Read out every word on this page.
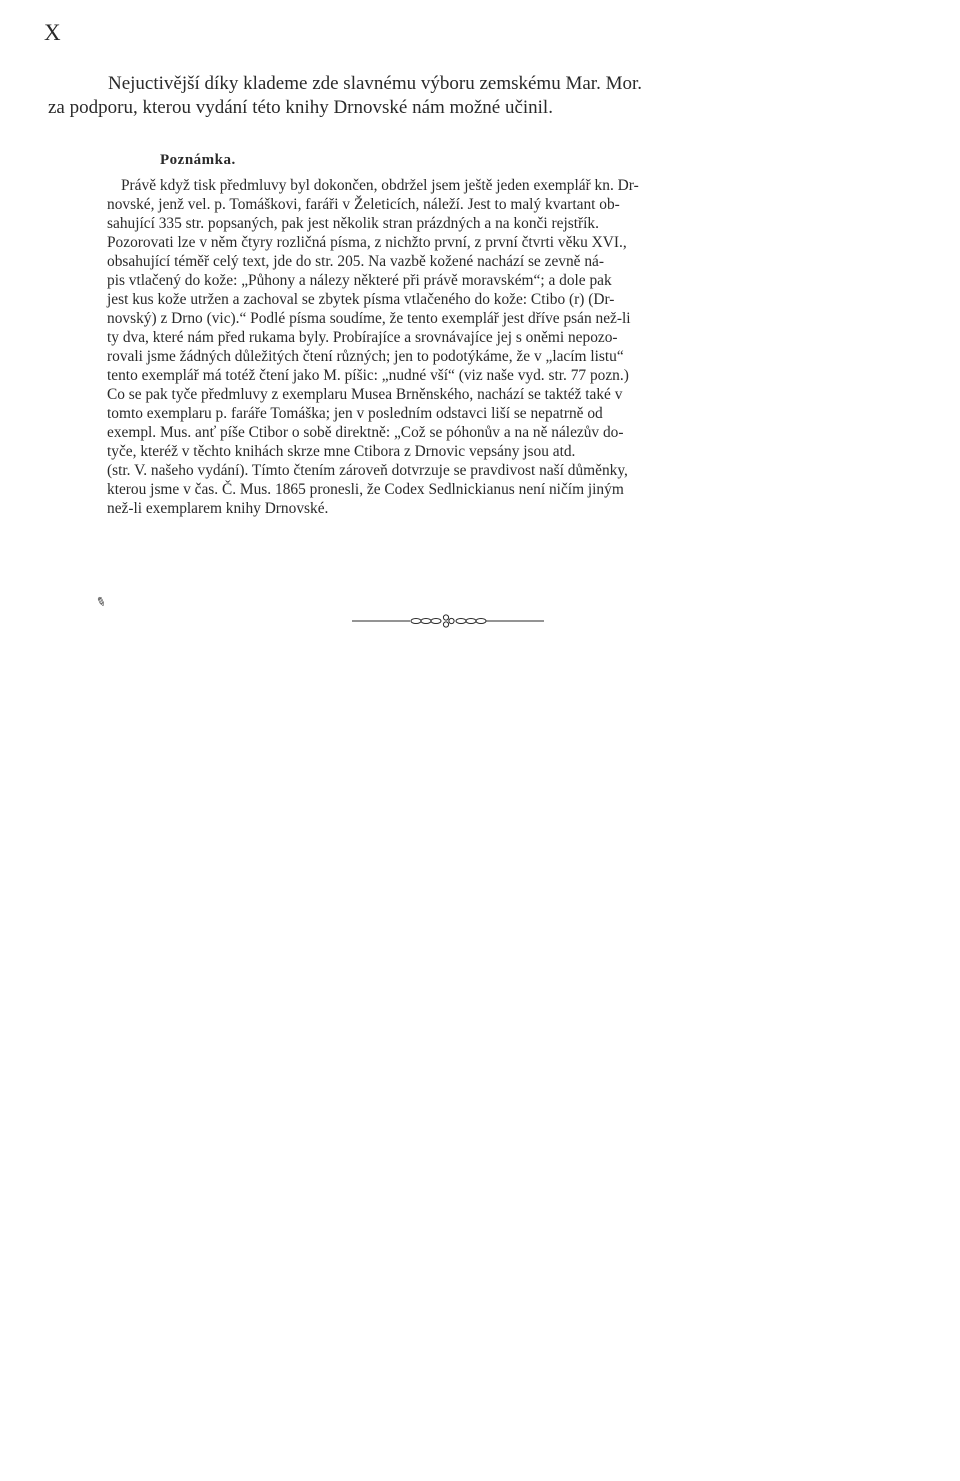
X
Nejuctivější díky klademe zde slavnému výboru zemskému Mar. Mor.
za podporu, kterou vydání této knihy Drnovské nám možné učinil.
Poznámka.
Právě když tisk předmluvy byl dokončen, obdržel jsem ještě jeden exemplář kn. Dr-
novské, jenž vel. p. Tomáškovi, faráři v Želeticích, náleží. Jest to malý kvartant ob-
sahující 335 str. popsaných, pak jest několik stran prázdných a na konči rejstřík.
Pozorovati lze v něm čtyry rozličná písma, z nichžto první, z první čtvrti věku XVI.,
obsahující téměř celý text, jde do str. 205. Na vazbě kožené nachází se zevně ná-
pis vtlačený do kože: „Půhony a nálezy některé při právě moravském“; a dole pak
jest kus kože utržen a zachoval se zbytek písma vtlačeného do kože: Ctibo (r) (Dr-
novský) z Drno (vic).“ Podlé písma soudíme, že tento exemplář jest dříve psán než-li
ty dva, které nám před rukama byly. Probírajíce a srovnávajíce jej s oněmi nepozo-
rovali jsme žádných důležitých čtení různých; jen to podotýkáme, že v „lacím listu“
tento exemplář má totéž čtení jako M. píšic: „nudné vší“ (viz naše vyd. str. 77 pozn.)
Co se pak tyče předmluvy z exemplaru Musea Brněnského, nachází se taktéž také v
tomto exemplaru p. faráře Tomáška; jen v posledním odstavci liší se nepatrně od
exempl. Mus. anť píše Ctibor o sobě direktně: „Což se póhonův a na ně nálezův do-
tyče, kteréž v těchto knihách skrze mne Ctibora z Drnovic vepsány jsou atd.
(str. V. našeho vydání). Tímto čtením zároveň dotvrzuje se pravdivost naší důměnky,
kterou jsme v čas. Č. Mus. 1865 pronesli, že Codex Sedlnickianus není ničím jiným
než-li exemplarem knihy Drnovské.
✎
